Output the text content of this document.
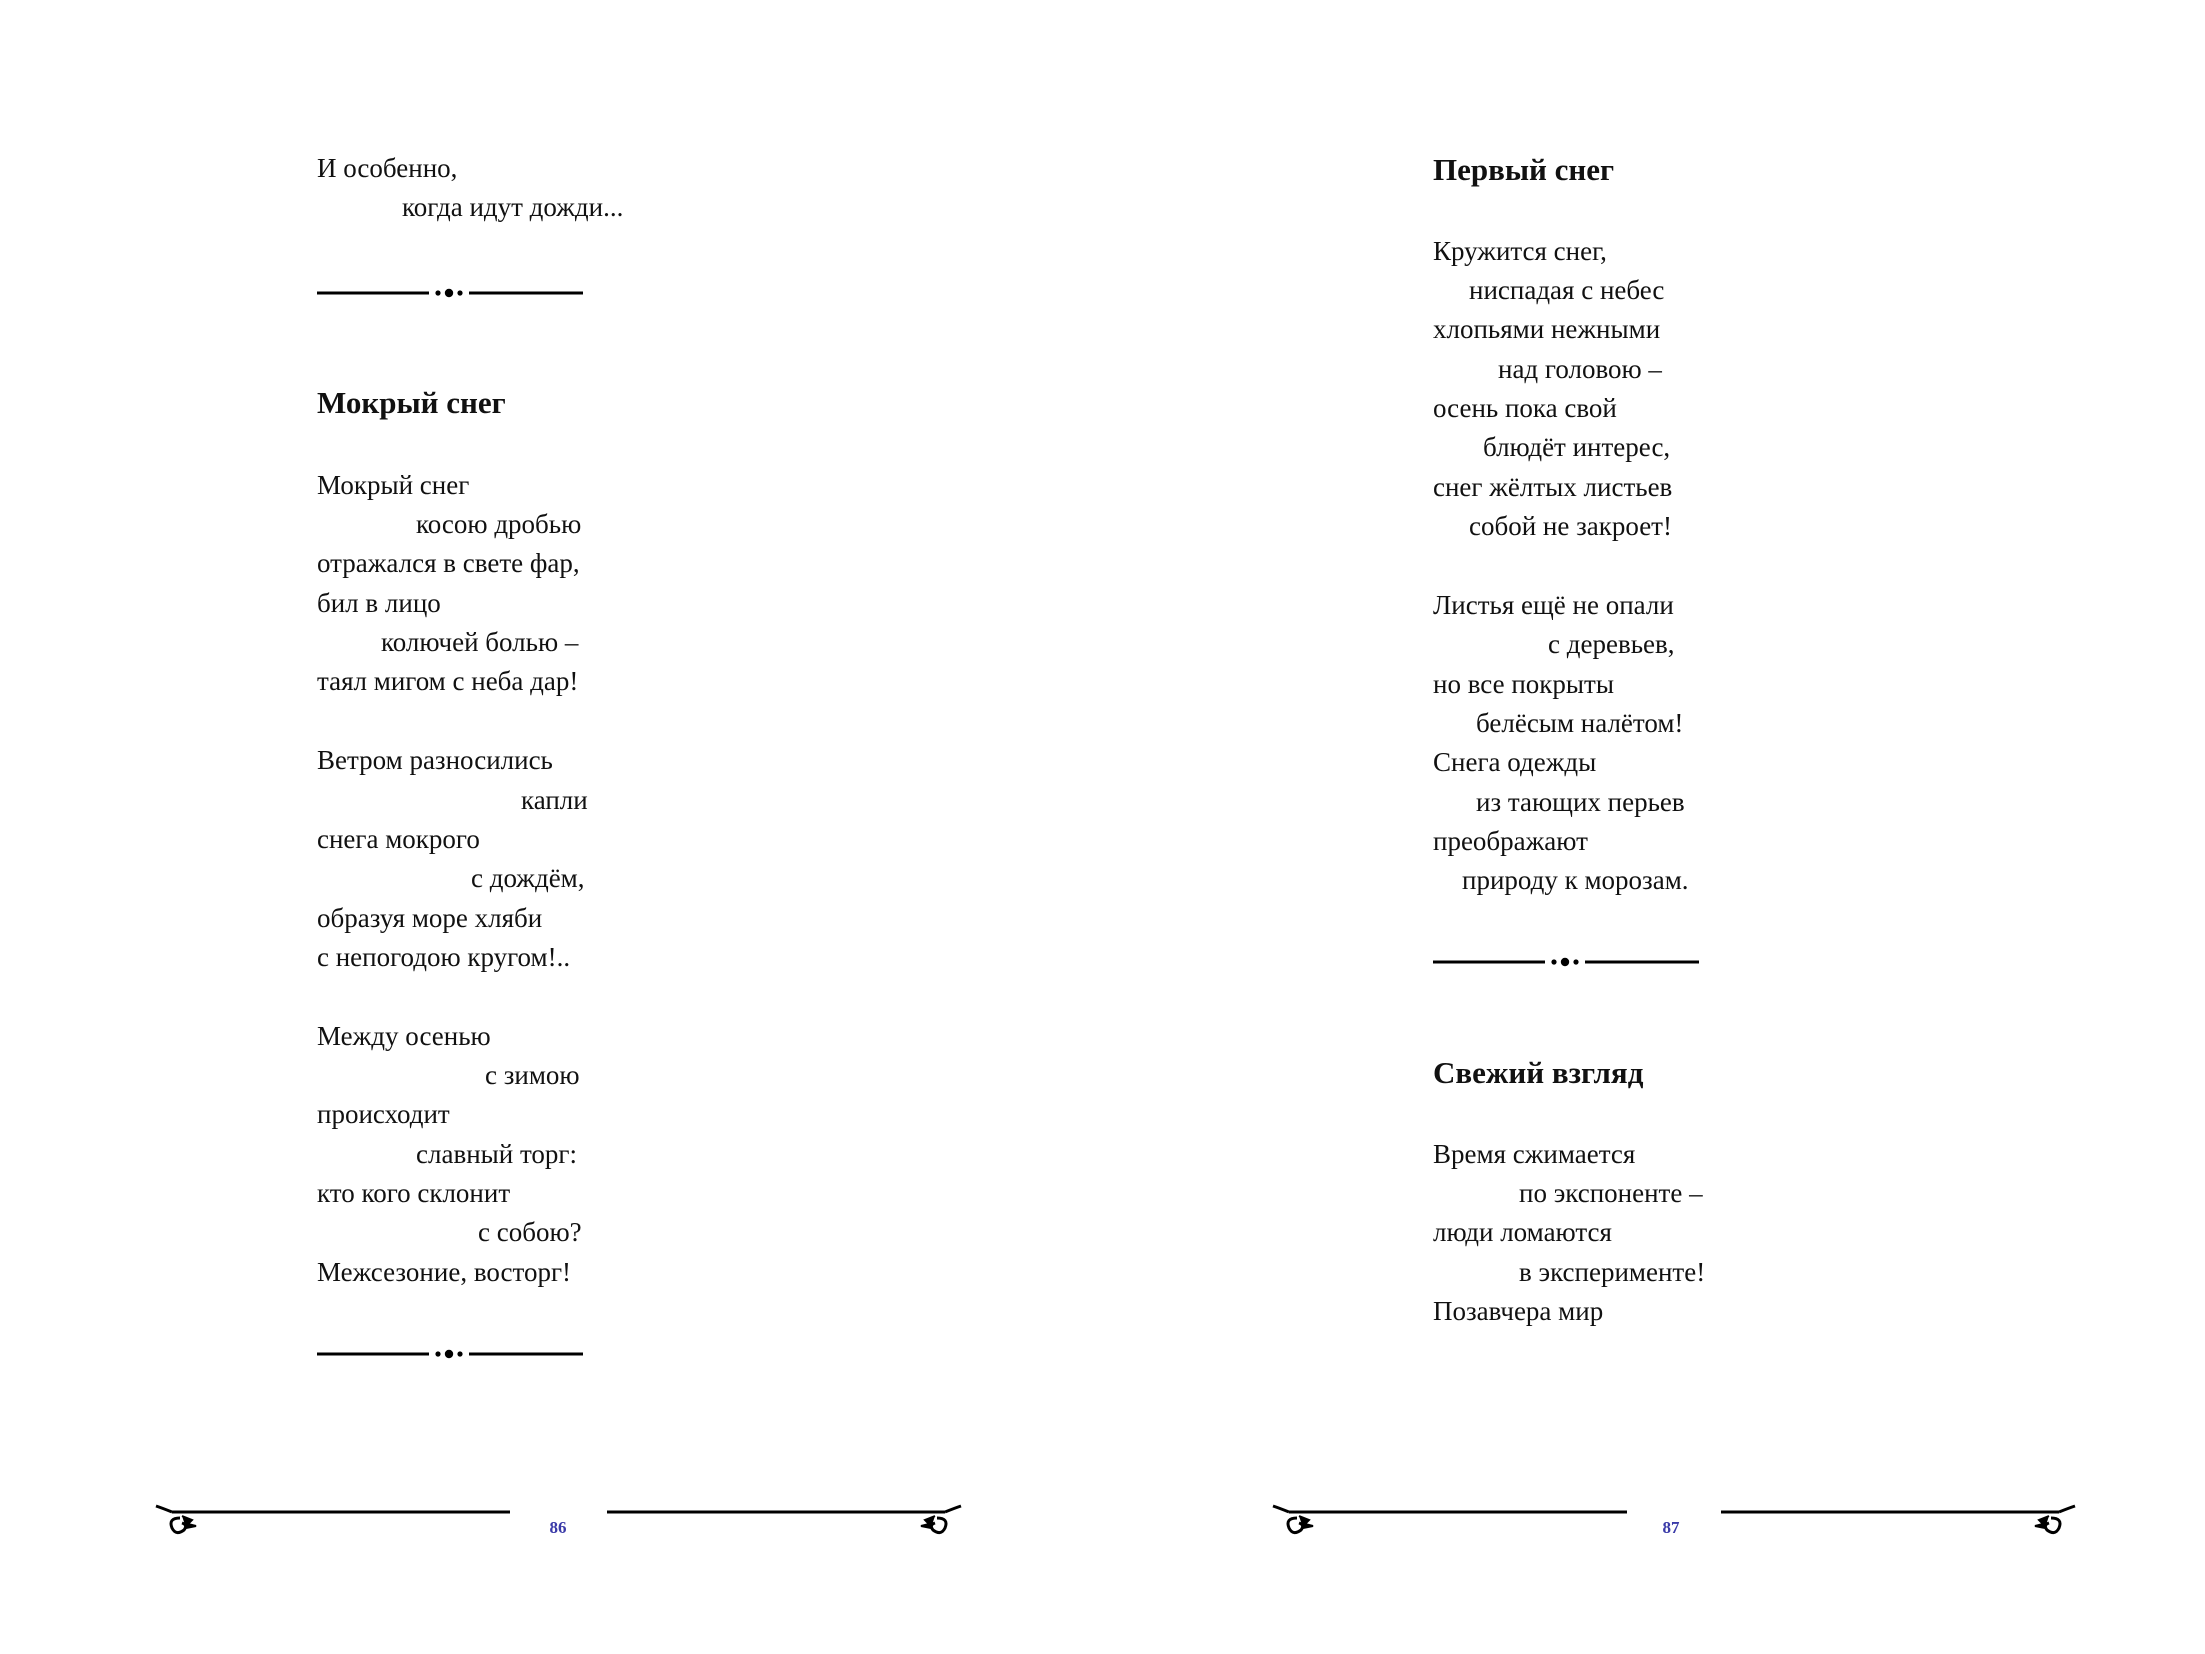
И особенно,
когда идут дожди...
Мокрый снег
Мокрый снег
косою дробью
отражался в свете фар,
бил в лицо
колючей болью –
таял мигом с неба дар!
Ветром разносились
капли
снега мокрого
с дождём,
образуя море хляби
с непогодою кругом!..
Между осенью
с зимою
происходит
славный торг:
кто кого склонит
с собою?
Межсезоние, восторг!
86
Первый снег
Кружится снег,
ниспадая с небес
хлопьями нежными
над головою –
осень пока свой
блюдёт интерес,
снег жёлтых листьев
собой не закроет!
Листья ещё не опали
с деревьев,
но все покрыты
белёсым налётом!
Снега одежды
из тающих перьев
преображают
природу к морозам.
Свежий взгляд
Время сжимается
по экспоненте –
люди ломаются
в эксперименте!
Позавчера мир
87
